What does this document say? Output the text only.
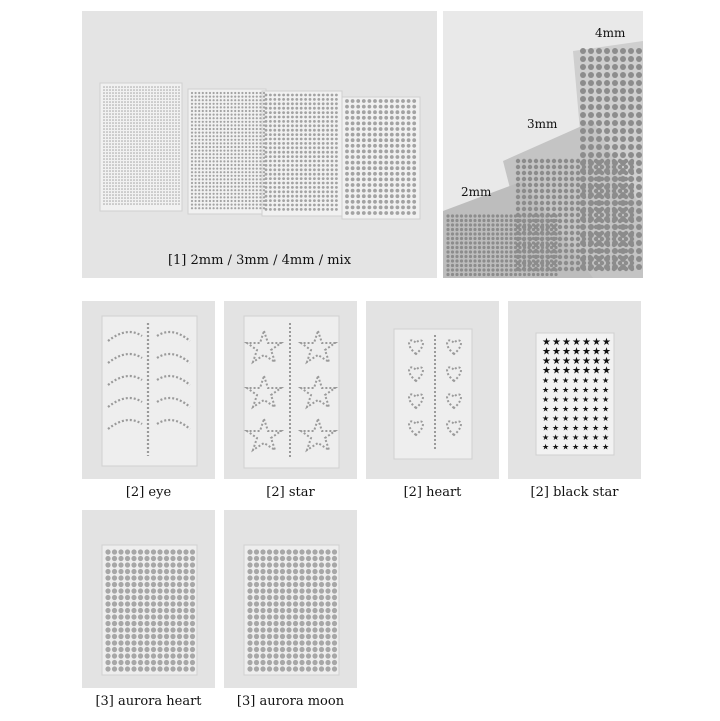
[1] 2mm / 3mm / 4mm / mix
2mm
3mm
4mm
[2] eye	[2] star	[2] heart
★ ★ ★ ★ ★ ★ ★
★ ★ ★ ★ ★ ★ ★
★ ★ ★ ★ ★ ★ ★
★ ★ ★ ★ ★ ★ ★
★ ★ ★ ★ ★ ★ ★
★ ★ ★ ★ ★ ★ ★
★ ★ ★ ★ ★ ★ ★
★ ★ ★ ★ ★ ★ ★
★ ★ ★ ★ ★ ★ ★
★ ★ ★ ★ ★ ★ ★
★ ★ ★ ★ ★ ★ ★
★ ★ ★ ★ ★ ★ ★
[2] black star
[3] aurora heart	[3] aurora moon
